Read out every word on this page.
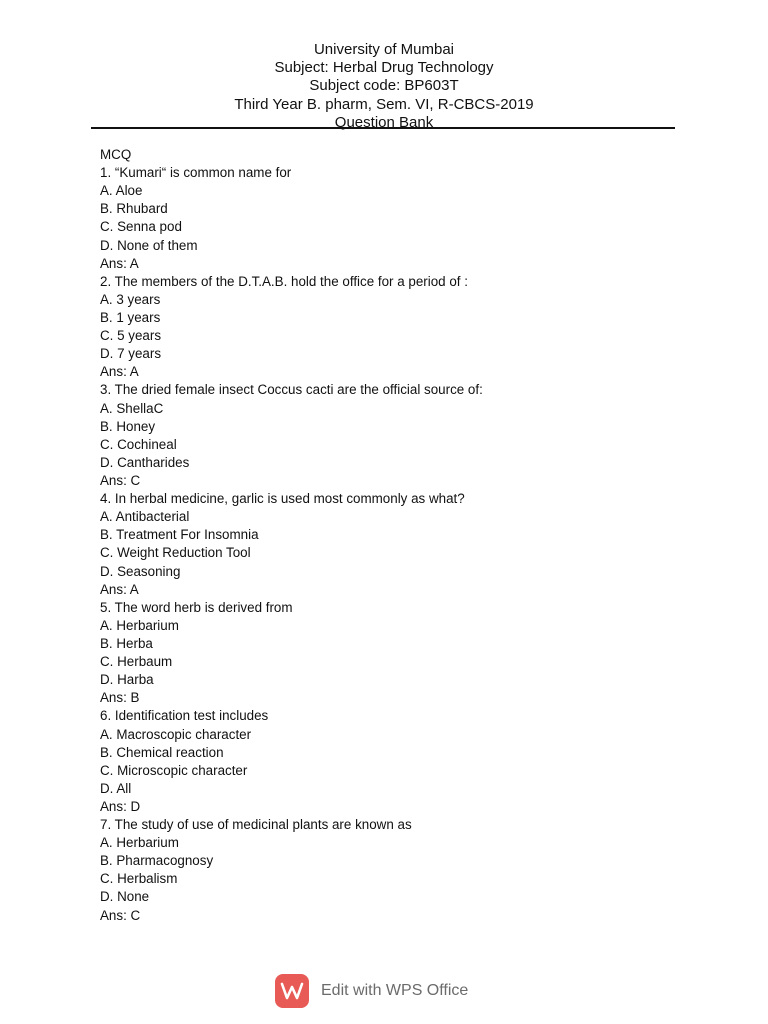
University of Mumbai
Subject: Herbal Drug Technology
Subject code: BP603T
Third Year B. pharm, Sem. VI, R-CBCS-2019
Question Bank
MCQ
1. “Kumari“ is common name for
A. Aloe
B. Rhubard
C. Senna pod
D. None of them
Ans: A
2. The members of the D.T.A.B. hold the office for a period of :
A. 3 years
B. 1 years
C. 5 years
D. 7 years
Ans: A
3. The dried female insect Coccus cacti are the official source of:
A. ShellaC
B. Honey
C. Cochineal
D. Cantharides
Ans: C
4. In herbal medicine, garlic is used most commonly as what?
A. Antibacterial
B. Treatment For Insomnia
C. Weight Reduction Tool
D. Seasoning
Ans: A
5. The word herb is derived from
A. Herbarium
B. Herba
C. Herbaum
D. Harba
Ans: B
6. Identification test includes
A. Macroscopic character
B. Chemical reaction
C. Microscopic character
D. All
Ans: D
7. The study of use of medicinal plants are known as
A. Herbarium
B. Pharmacognosy
C. Herbalism
D. None
Ans: C
Edit with WPS Office
